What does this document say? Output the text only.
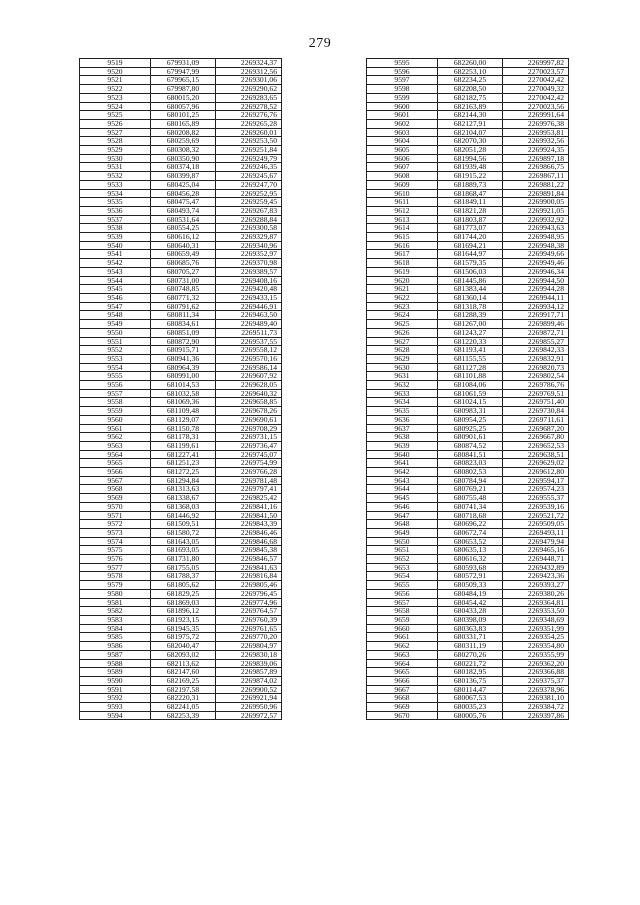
279
9519	679931,09	2269324,37
9520	679947,99	2269312,56
9521	679965,15	2269301,06
9522	679987,80	2269290,62
9523	680015,20	2269283,65
9524	680057,96	2269278,52
9525	680101,25	2269276,76
9526	680165,89	2269265,28
9527	680208,82	2269260,01
9528	680259,69	2269253,50
9529	680308,32	2269251,84
9530	680350,90	2269249,79
9531	680374,18	2269246,35
9532	680399,87	2269245,67
9533	680425,04	2269247,70
9534	680456,28	2269252,95
9535	680475,47	2269259,45
9536	680493,74	2269267,83
9537	680531,64	2269288,84
9538	680554,25	2269300,58
9539	680616,12	2269329,87
9540	680640,31	2269340,96
9541	680659,49	2269352,97
9542	680685,76	2269370,98
9543	680705,27	2269389,57
9544	680731,00	2269408,16
9545	680748,85	2269420,48
9546	680771,32	2269433,15
9547	680791,62	2269446,91
9548	680811,34	2269463,50
9549	680834,61	2269489,40
9550	680851,09	2269511,73
9551	680872,90	2269537,55
9552	680915,71	2269558,12
9553	680941,36	2269570,16
9554	680964,39	2269586,14
9555	680991,00	2269607,92
9556	681014,53	2269628,05
9557	681032,58	2269640,32
9558	681069,36	2269658,85
9559	681109,48	2269678,26
9560	681129,07	2269690,61
9561	681150,78	2269708,29
9562	681178,31	2269731,15
9563	681199,61	2269736,47
9564	681227,41	2269745,07
9565	681251,23	2269754,99
9566	681272,25	2269766,28
9567	681294,84	2269781,48
9568	681313,63	2269797,41
9569	681338,67	2269825,42
9570	681368,03	2269841,16
9571	681446,92	2269841,50
9572	681509,51	2269843,39
9573	681580,72	2269846,46
9574	681643,05	2269846,68
9575	681693,05	2269845,38
9576	681731,80	2269846,57
9577	681755,05	2269841,63
9578	681788,37	2269816,84
9579	681805,62	2269805,46
9580	681829,25	2269796,45
9581	681869,03	2269774,96
9582	681896,12	2269764,57
9583	681923,15	2269760,39
9584	681945,35	2269761,65
9585	681975,72	2269770,20
9586	682040,47	2269804,97
9587	682093,02	2269830,18
9588	682113,62	2269839,06
9589	682147,60	2269857,89
9590	682169,25	2269874,02
9591	682197,58	2269900,52
9592	682220,31	2269921,94
9593	682241,05	2269950,96
9594	682253,39	2269972,57
9595	682260,00	2269997,82
9596	682253,10	2270023,57
9597	682234,25	2270042,42
9598	682208,50	2270049,32
9599	682182,75	2270042,42
9600	682163,89	2270023,56
9601	682144,30	2269991,64
9602	682127,91	2269976,38
9603	682104,07	2269953,81
9604	682070,30	2269932,56
9605	682051,28	2269924,35
9606	681994,56	2269897,18
9607	681939,48	2269866,75
9608	681915,22	2269867,11
9609	681889,73	2269881,22
9610	681868,47	2269891,84
9611	681849,11	2269900,05
9612	681821,28	2269921,05
9613	681803,87	2269932,92
9614	681773,07	2269943,63
9615	681744,20	2269948,95
9616	681694,21	2269948,38
9617	681644,97	2269949,66
9618	681579,35	2269949,46
9619	681506,03	2269946,34
9620	681445,86	2269944,50
9621	681383,44	2269944,28
9622	681360,14	2269944,11
9623	681318,78	2269934,12
9624	681288,39	2269917,71
9625	681267,00	2269899,46
9626	681243,27	2269872,71
9627	681220,33	2269855,27
9628	681193,41	2269842,33
9629	681155,55	2269832,91
9630	681127,28	2269820,73
9631	681101,88	2269802,54
9632	681084,06	2269786,76
9633	681061,59	2269769,51
9634	681024,15	2269751,40
9635	680983,31	2269730,84
9636	680954,25	2269711,61
9637	680925,25	2269687,20
9638	680901,61	2269667,80
9639	680874,52	2269652,53
9640	680841,51	2269638,51
9641	680823,03	2269629,02
9642	680802,53	2269612,80
9643	680784,94	2269594,17
9644	680769,21	2269574,23
9645	680755,48	2269555,37
9646	680741,34	2269539,16
9647	680718,68	2269521,72
9648	680696,22	2269509,05
9649	680672,74	2269493,11
9650	680653,52	2269479,94
9651	680635,13	2269465,16
9652	680616,32	2269448,71
9653	680593,68	2269432,89
9654	680572,91	2269423,36
9655	680509,33	2269393,27
9656	680484,19	2269380,26
9657	680454,42	2269364,81
9658	680433,28	2269353,50
9659	680398,09	2269348,69
9660	680363,83	2269351,99
9661	680331,71	2269354,25
9662	680311,19	2269354,80
9663	680270,26	2269355,99
9664	680221,72	2269362,20
9665	680182,95	2269366,88
9666	680136,75	2269375,37
9667	680114,47	2269378,96
9668	680067,53	2269381,10
9669	680035,23	2269384,72
9670	680005,76	2269397,86
